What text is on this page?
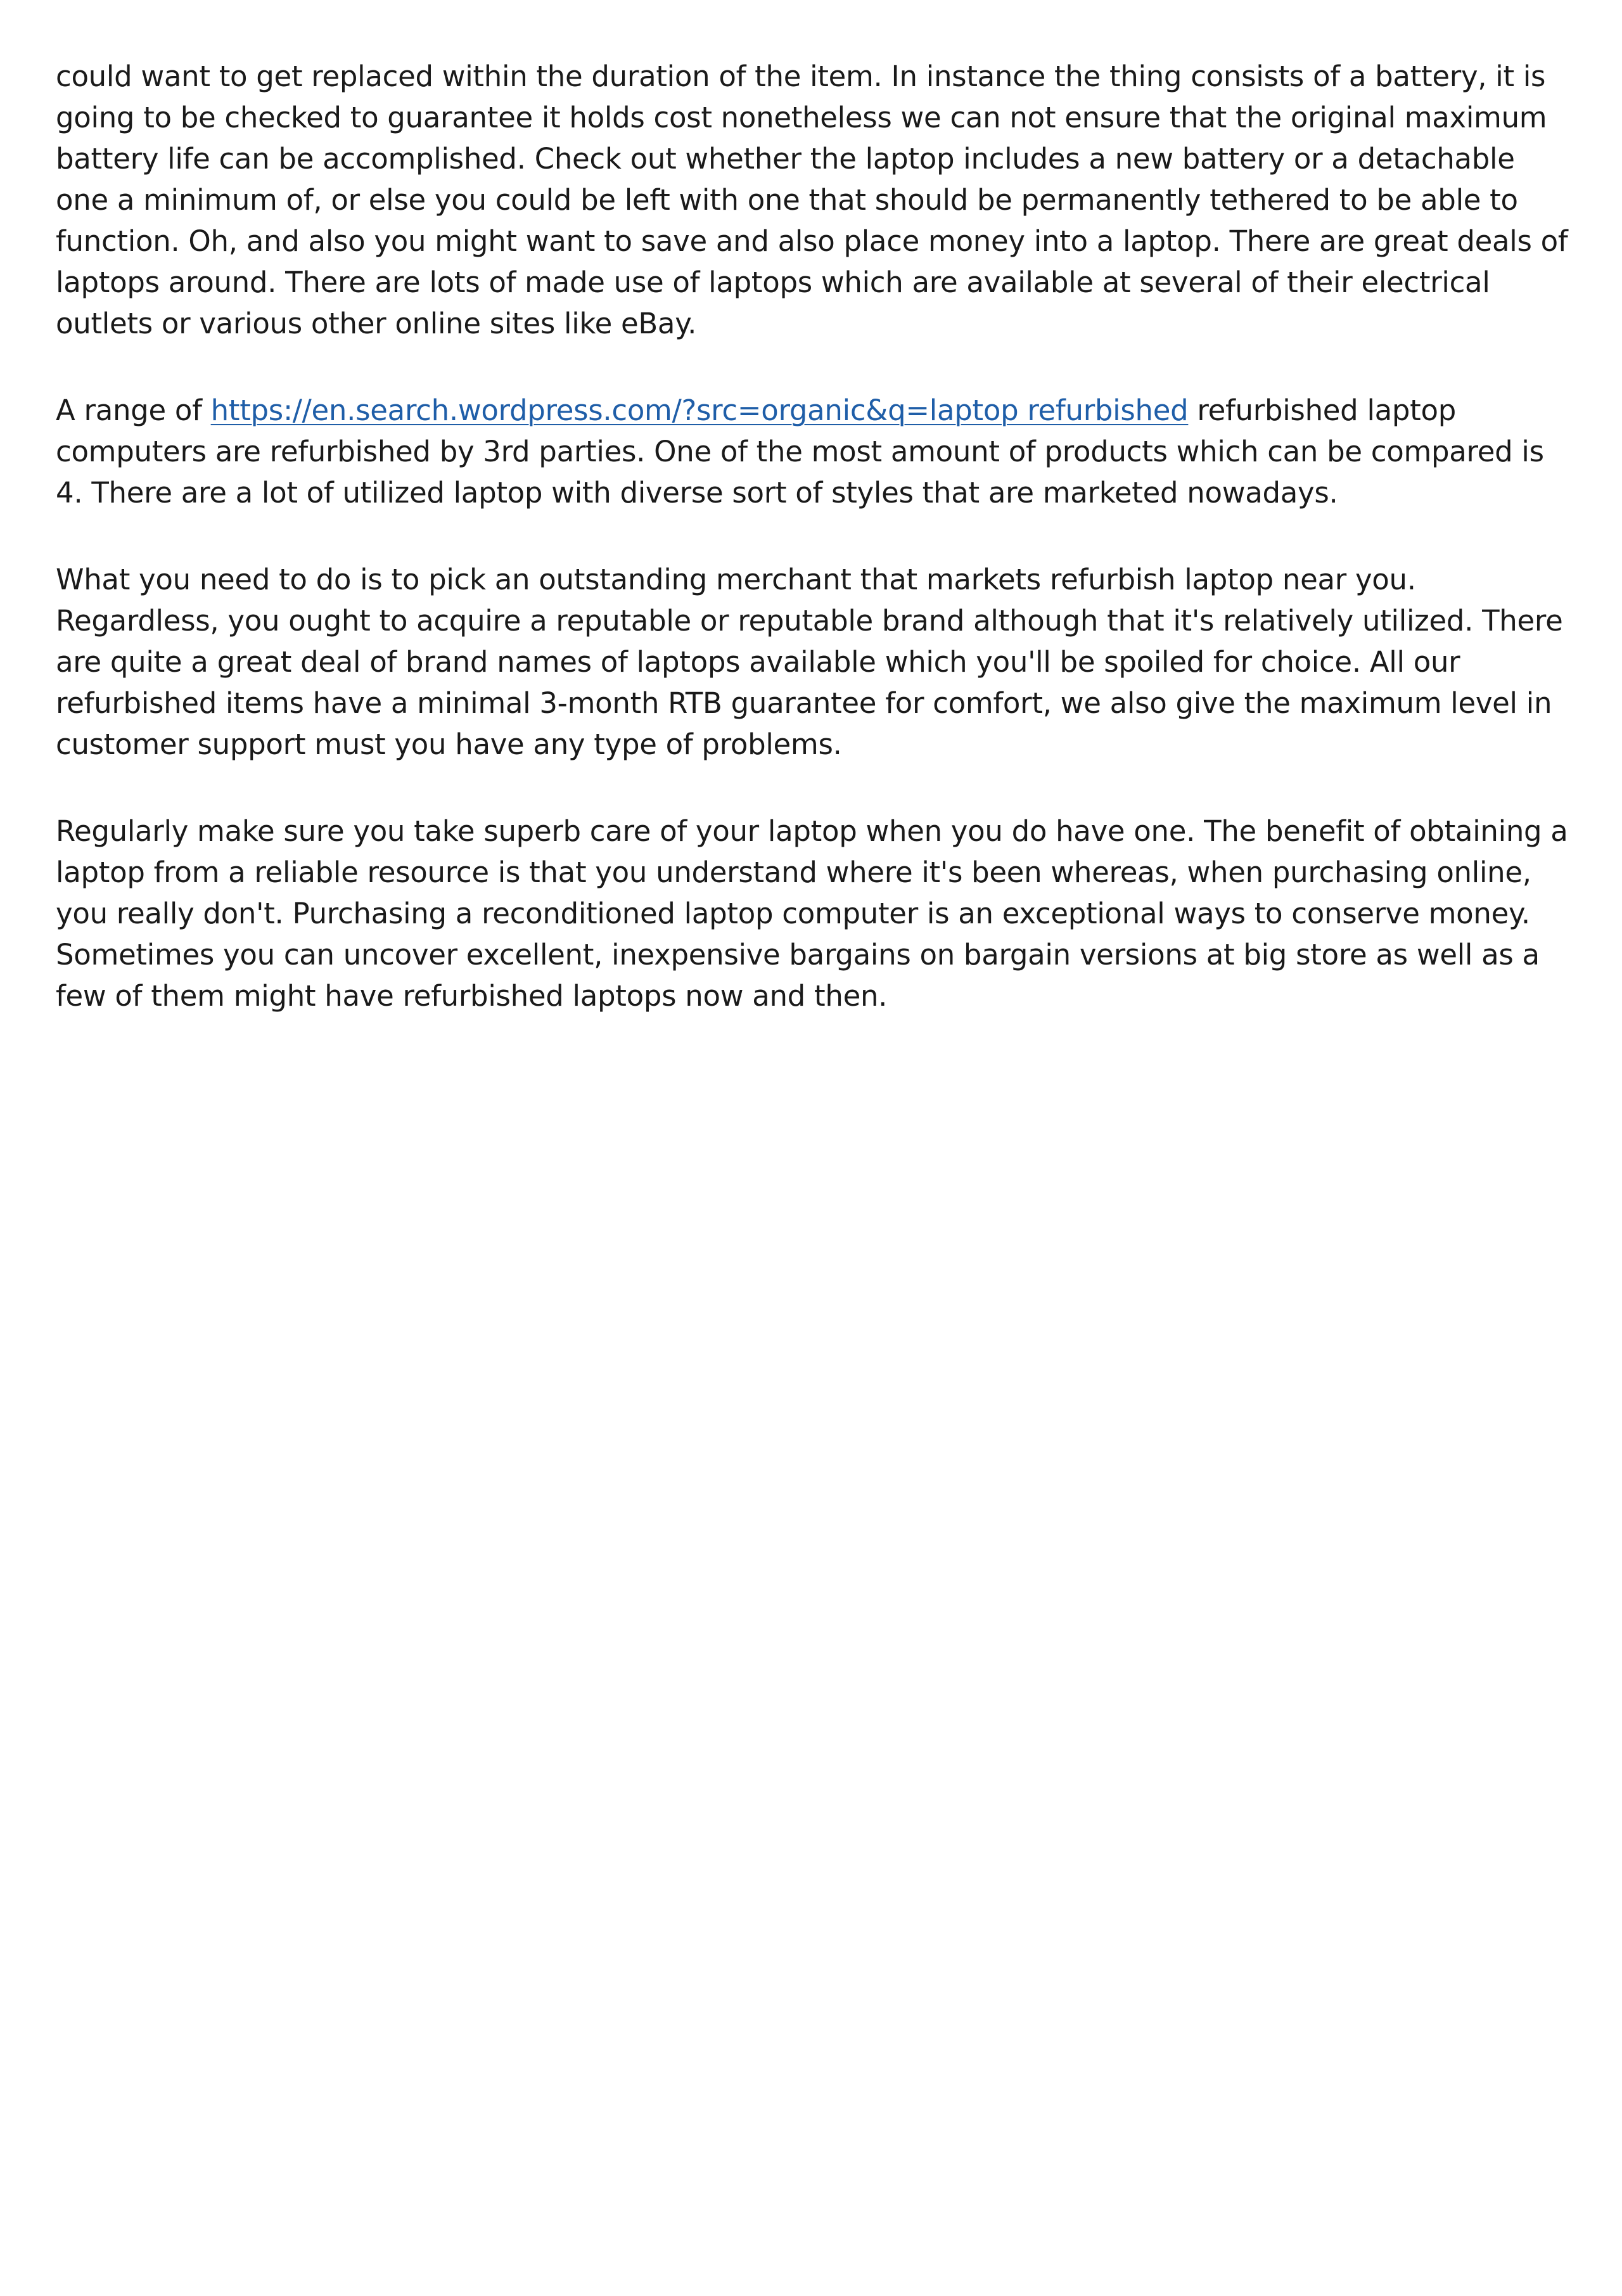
could want to get replaced within the duration of the item. In instance the thing consists of a battery, it is going to be checked to guarantee it holds cost nonetheless we can not ensure that the original maximum battery life can be accomplished. Check out whether the laptop includes a new battery or a detachable one a minimum of, or else you could be left with one that should be permanently tethered to be able to function. Oh, and also you might want to save and also place money into a laptop. There are great deals of laptops around. There are lots of made use of laptops which are available at several of their electrical outlets or various other online sites like eBay.

A range of https://en.search.wordpress.com/?src=organic&q=laptop refurbished refurbished laptop computers are refurbished by 3rd parties. One of the most amount of products which can be compared is 4. There are a lot of utilized laptop with diverse sort of styles that are marketed nowadays.

What you need to do is to pick an outstanding merchant that markets refurbish laptop near you. Regardless, you ought to acquire a reputable or reputable brand although that it's relatively utilized. There are quite a great deal of brand names of laptops available which you'll be spoiled for choice. All our refurbished items have a minimal 3-month RTB guarantee for comfort, we also give the maximum level in customer support must you have any type of problems.

Regularly make sure you take superb care of your laptop when you do have one. The benefit of obtaining a laptop from a reliable resource is that you understand where it's been whereas, when purchasing online, you really don't. Purchasing a reconditioned laptop computer is an exceptional ways to conserve money. Sometimes you can uncover excellent, inexpensive bargains on bargain versions at big store as well as a few of them might have refurbished laptops now and then.
